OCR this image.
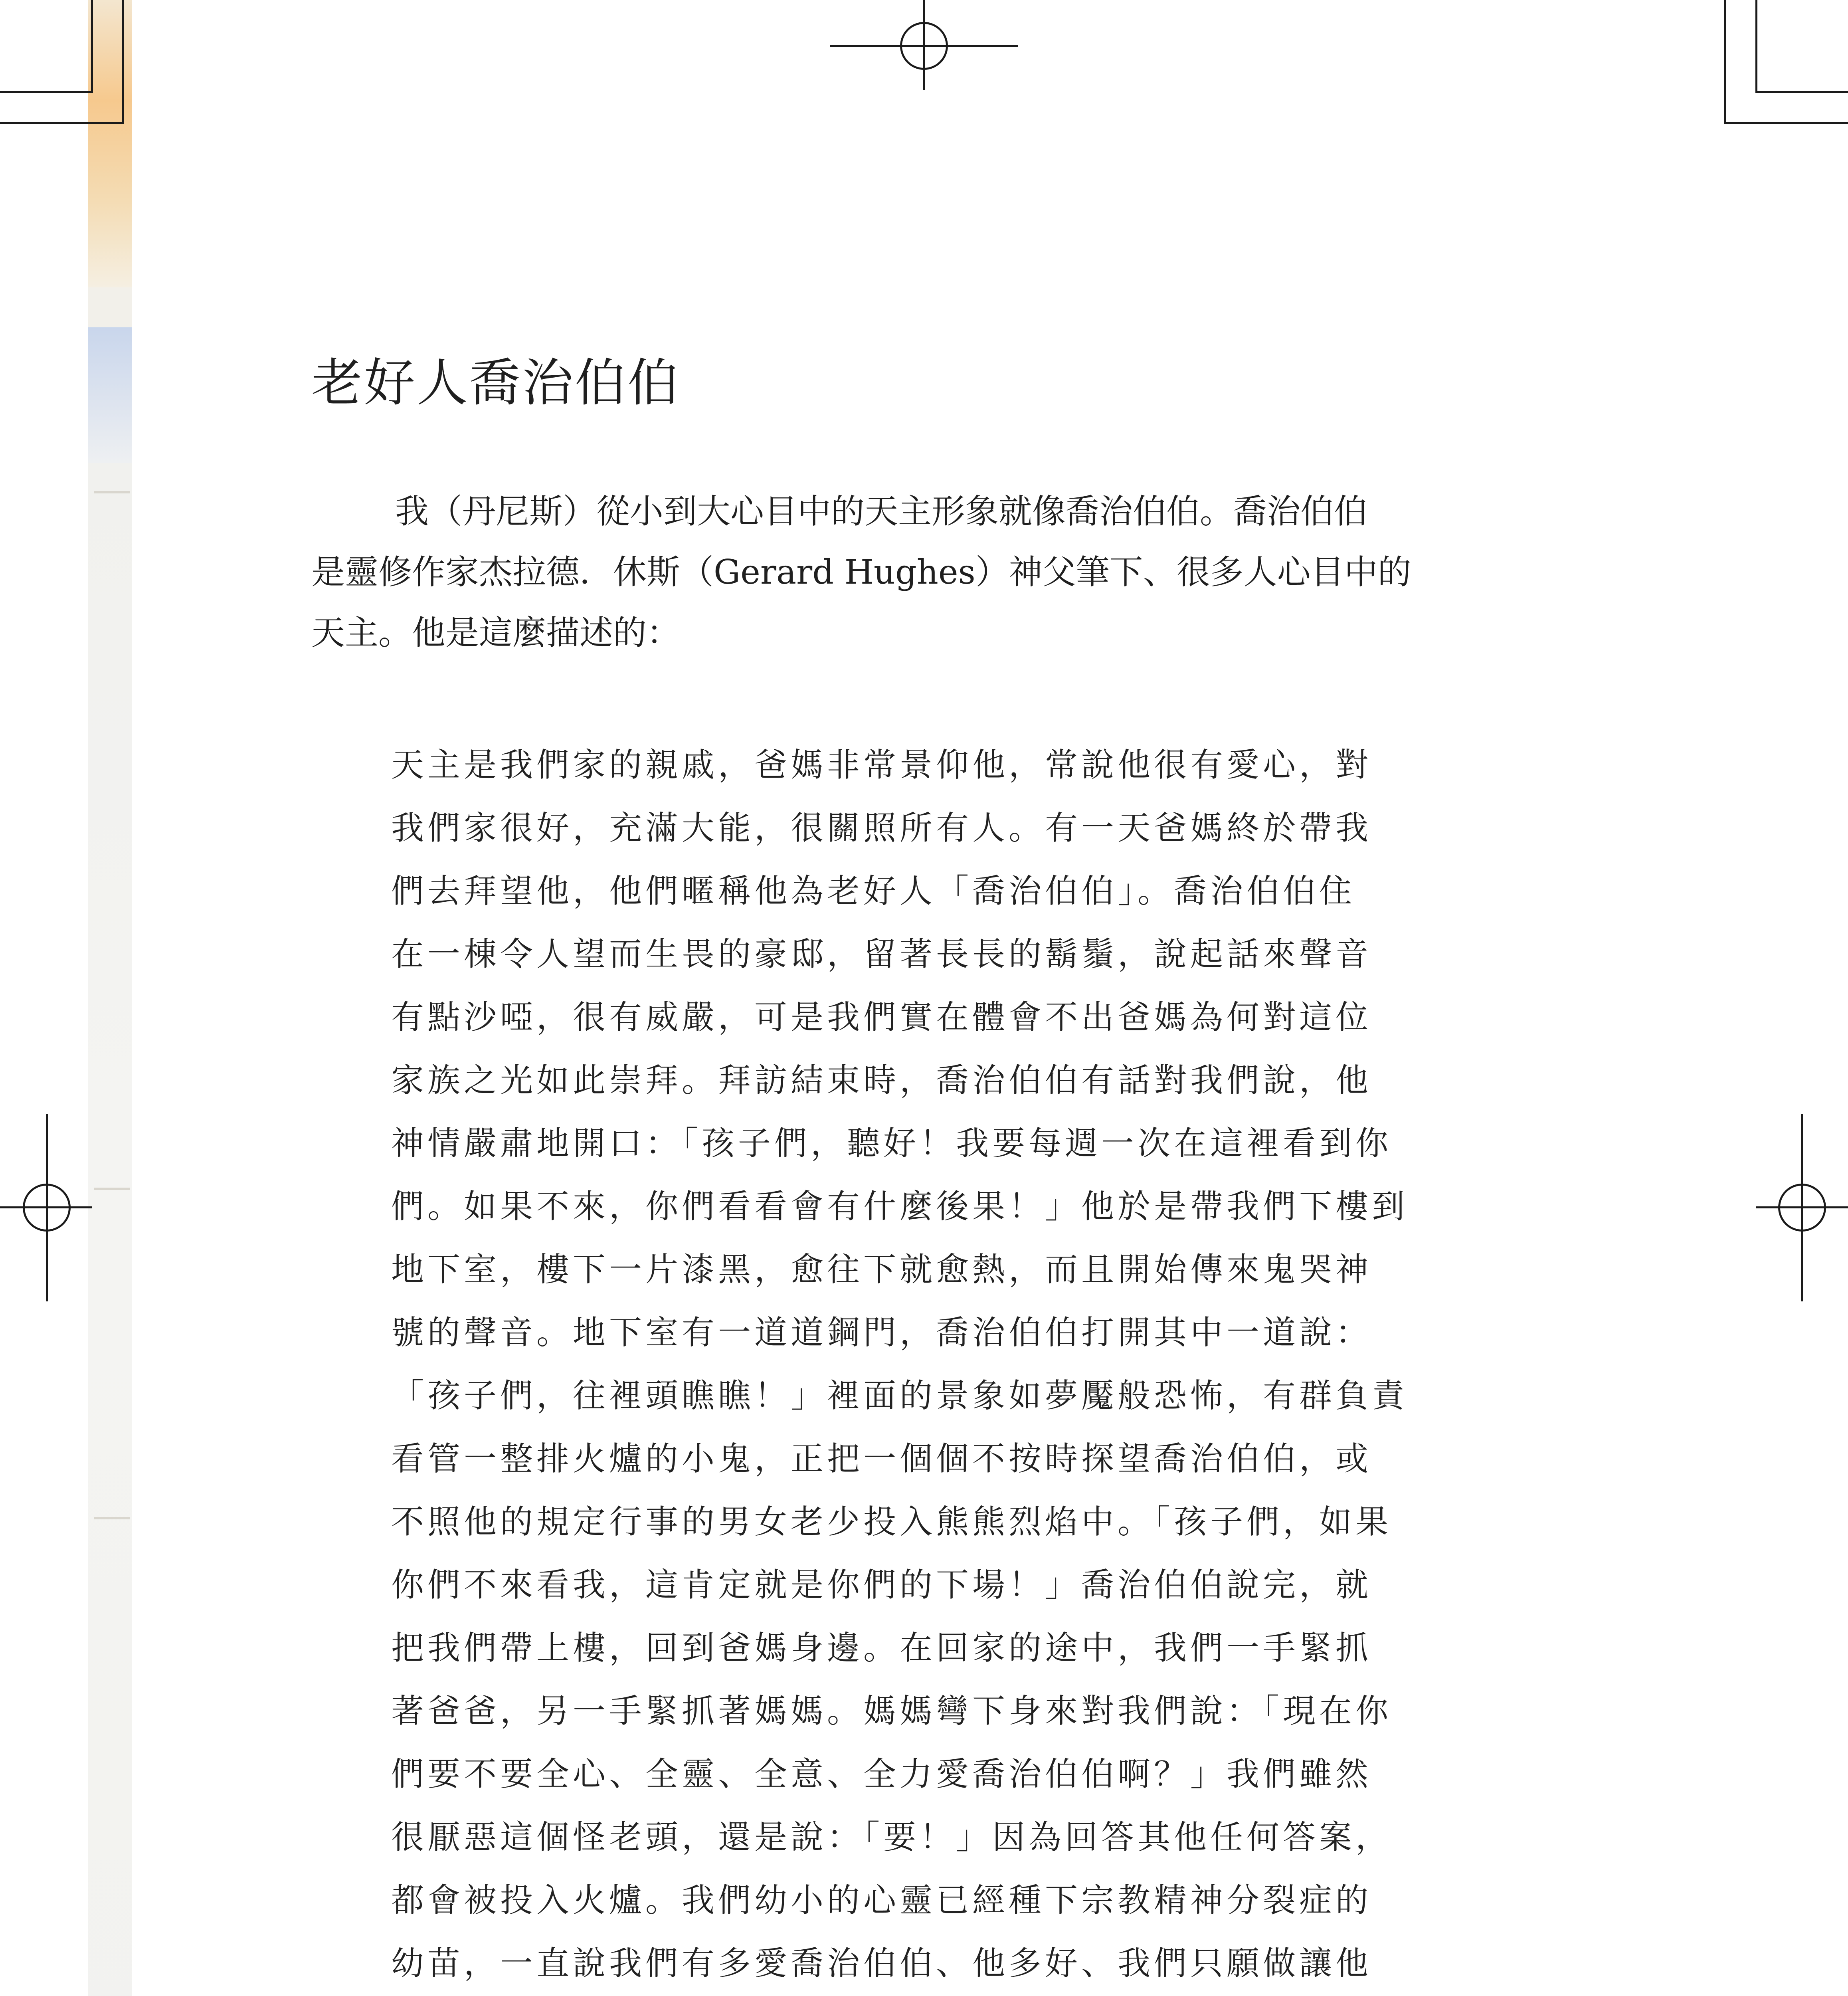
老好人喬治伯伯

我（丹尼斯）從小到大心目中的天主形象就像喬治伯伯。喬治伯伯
是靈修作家杰拉德．休斯（Gerard Hughes）神父筆下、很多人心目中的
天主。他是這麼描述的：

天主是我們家的親戚，爸媽非常景仰他，常說他很有愛心，對
我們家很好，充滿大能，很關照所有人。有一天爸媽終於帶我
們去拜望他，他們暱稱他為老好人「喬治伯伯」。喬治伯伯住
在一棟令人望而生畏的豪邸，留著長長的鬍鬚，說起話來聲音
有點沙啞，很有威嚴，可是我們實在體會不出爸媽為何對這位
家族之光如此崇拜。拜訪結束時，喬治伯伯有話對我們說，他
神情嚴肅地開口：「孩子們，聽好！我要每週一次在這裡看到你
們。如果不來，你們看看會有什麼後果！」他於是帶我們下樓到
地下室，樓下一片漆黑，愈往下就愈熱，而且開始傳來鬼哭神
號的聲音。地下室有一道道鋼門，喬治伯伯打開其中一道說：
「孩子們，往裡頭瞧瞧！」裡面的景象如夢魘般恐怖，有群負責
看管一整排火爐的小鬼，正把一個個不按時探望喬治伯伯，或
不照他的規定行事的男女老少投入熊熊烈焰中。「孩子們，如果
你們不來看我，這肯定就是你們的下場！」喬治伯伯說完，就
把我們帶上樓，回到爸媽身邊。在回家的途中，我們一手緊抓
著爸爸，另一手緊抓著媽媽。媽媽彎下身來對我們說：「現在你
們要不要全心、全靈、全意、全力愛喬治伯伯啊？」我們雖然
很厭惡這個怪老頭，還是說：「要！」因為回答其他任何答案，
都會被投入火爐。我們幼小的心靈已經種下宗教精神分裂症的
幼苗，一直說我們有多愛喬治伯伯、他多好、我們只願做讓他
